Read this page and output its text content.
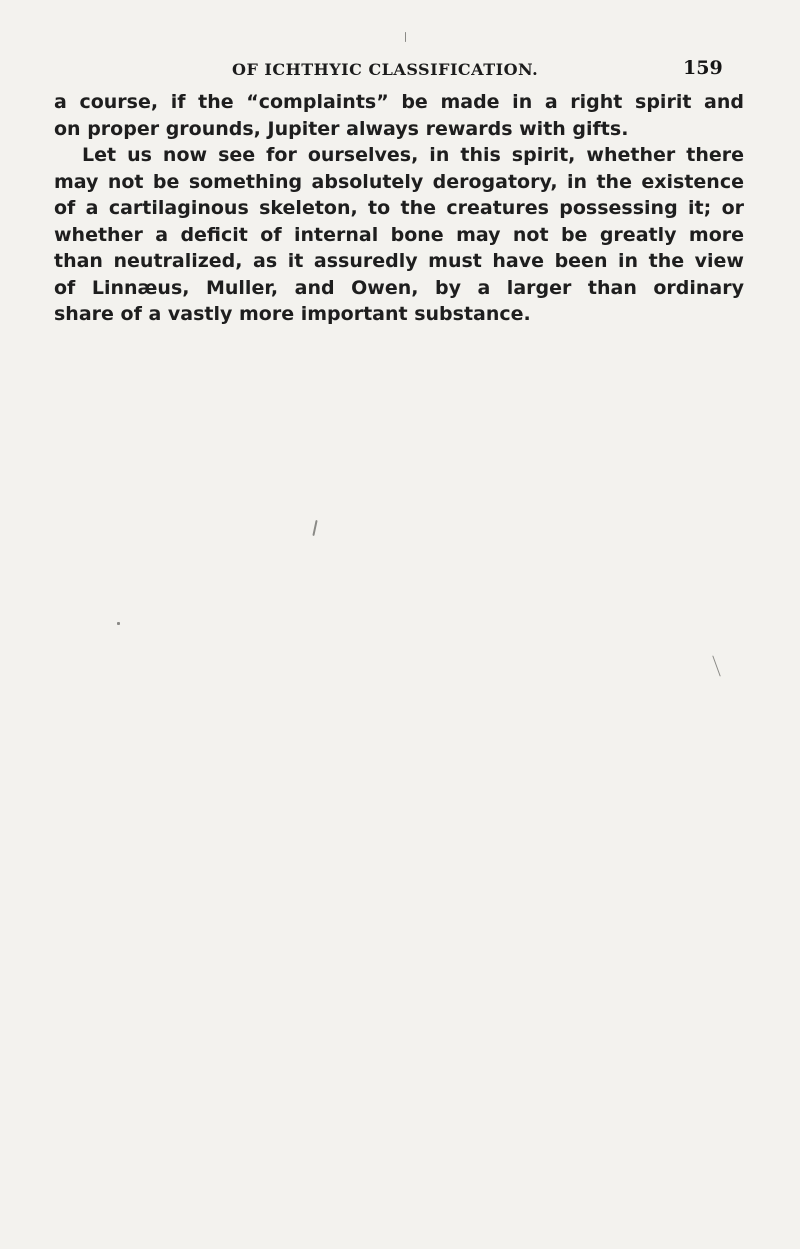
OF ICHTHYIC CLASSIFICATION.	159
a course, if the “complaints” be made in a right spirit and
on proper grounds, Jupiter always rewards with gifts.
Let us now see for ourselves, in this spirit, whether there
may not be something absolutely derogatory, in the existence
of a cartilaginous skeleton, to the creatures possessing it; or
whether a deficit of internal bone may not be greatly more
than neutralized, as it assuredly must have been in the view
of Linnæus, Muller, and Owen, by a larger than ordinary
share of a vastly more important substance.
